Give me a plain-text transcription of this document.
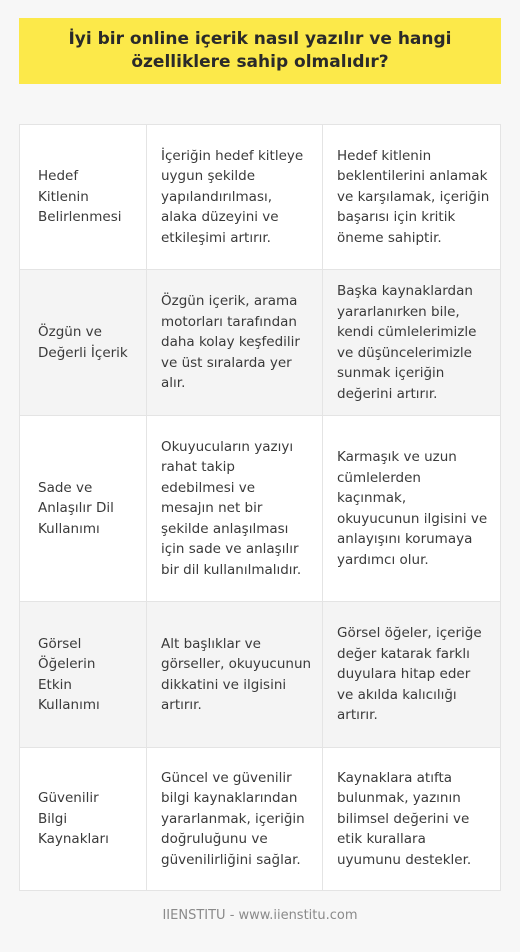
İyi bir online içerik nasıl yazılır ve hangi özelliklere sahip olmalıdır?
Hedef Kitlenin Belirlenmesi
İçeriğin hedef kitleye uygun şekilde yapılandırılması, alaka düzeyini ve etkileşimi artırır.
Hedef kitlenin beklentilerini anlamak ve karşılamak, içeriğin başarısı için kritik öneme sahiptir.
Özgün ve Değerli İçerik
Özgün içerik, arama motorları tarafından daha kolay keşfedilir ve üst sıralarda yer alır.
Başka kaynaklardan yararlanırken bile, kendi cümlelerimizle ve düşüncelerimizle sunmak içeriğin değerini artırır.
Sade ve Anlaşılır Dil Kullanımı
Okuyucuların yazıyı rahat takip edebilmesi ve mesajın net bir şekilde anlaşılması için sade ve anlaşılır bir dil kullanılmalıdır.
Karmaşık ve uzun cümlelerden kaçınmak, okuyucunun ilgisini ve anlayışını korumaya yardımcı olur.
Görsel Öğelerin Etkin Kullanımı
Alt başlıklar ve görseller, okuyucunun dikkatini ve ilgisini artırır.
Görsel öğeler, içeriğe değer katarak farklı duyulara hitap eder ve akılda kalıcılığı artırır.
Güvenilir Bilgi Kaynakları
Güncel ve güvenilir bilgi kaynaklarından yararlanmak, içeriğin doğruluğunu ve güvenilirliğini sağlar.
Kaynaklara atıfta bulunmak, yazının bilimsel değerini ve etik kurallara uyumunu destekler.
IIENSTITU - www.iienstitu.com
